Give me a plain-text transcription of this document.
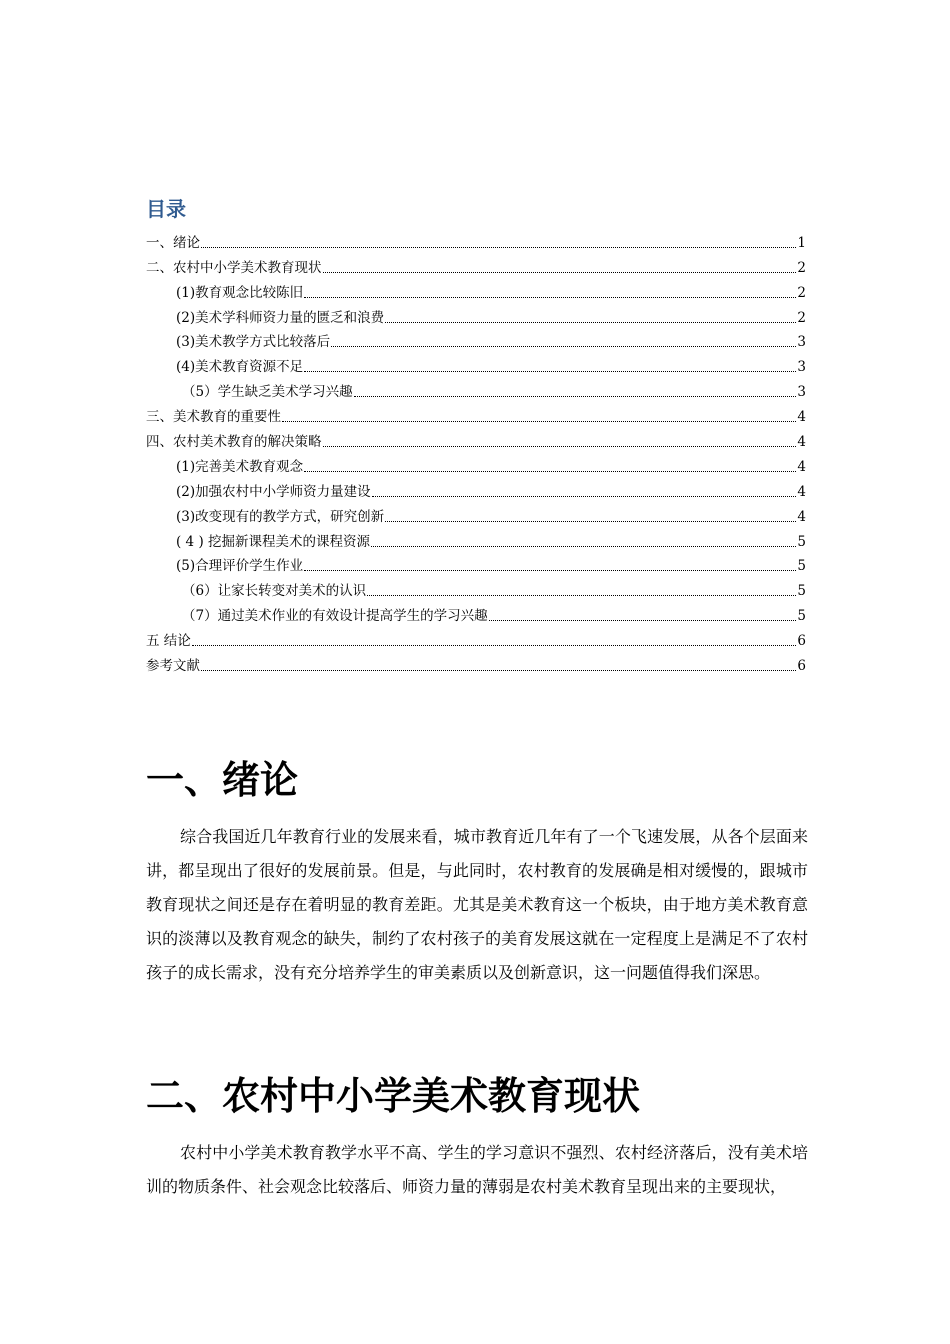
目录
一、绪论	1
二、农村中小学美术教育现状	2
(1)教育观念比较陈旧	2
(2)美术学科师资力量的匮乏和浪费	2
(3)美术教学方式比较落后	3
(4)美术教育资源不足	3
（5）学生缺乏美术学习兴趣	3
三、美术教育的重要性	4
四、农村美术教育的解决策略	4
(1)完善美术教育观念	4
(2)加强农村中小学师资力量建设	4
(3)改变现有的教学方式，研究创新	4
( 4 ) 挖掘新课程美术的课程资源	5
(5)合理评价学生作业	5
（6）让家长转变对美术的认识	5
（7）通过美术作业的有效设计提高学生的学习兴趣	5
五 结论	6
参考文献	6
一、绪论

综合我国近几年教育行业的发展来看，城市教育近几年有了一个飞速发展，从各个层面来讲，都呈现出了很好的发展前景。但是，与此同时，农村教育的发展确是相对缓慢的，跟城市教育现状之间还是存在着明显的教育差距。尤其是美术教育这一个板块，由于地方美术教育意识的淡薄以及教育观念的缺失，制约了农村孩子的美育发展这就在一定程度上是满足不了农村孩子的成长需求，没有充分培养学生的审美素质以及创新意识，这一问题值得我们深思。

二、农村中小学美术教育现状

农村中小学美术教育教学水平不高、学生的学习意识不强烈、农村经济落后，没有美术培训的物质条件、社会观念比较落后、师资力量的薄弱是农村美术教育呈现出来的主要现状，
